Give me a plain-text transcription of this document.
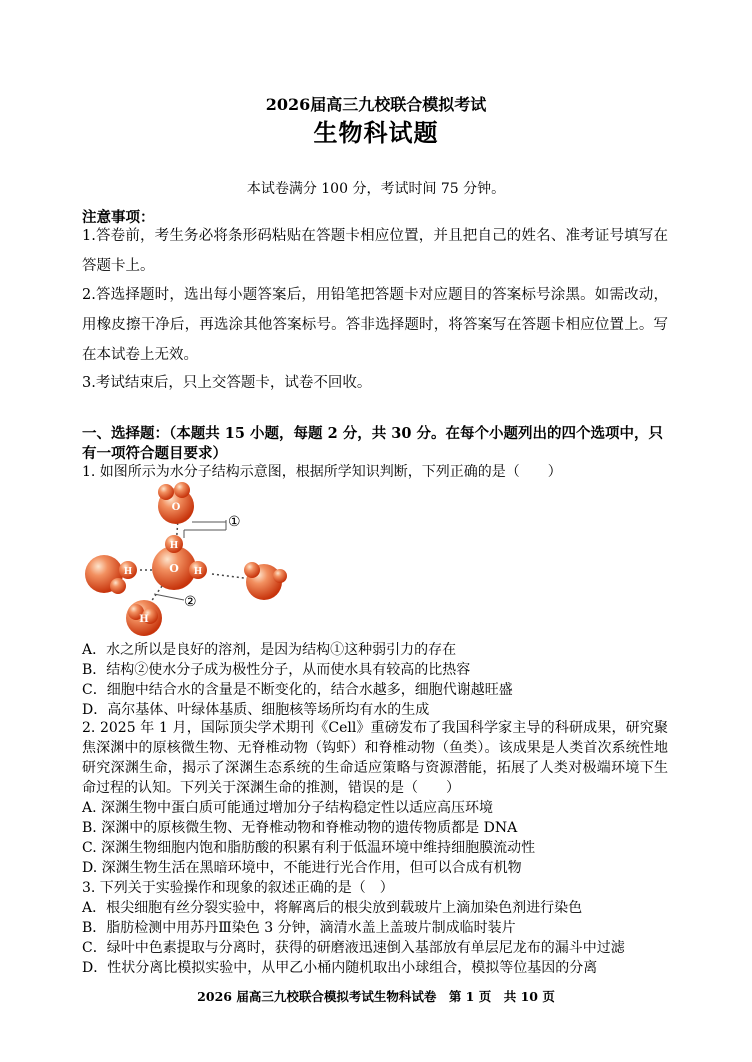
2026届高三九校联合模拟考试
生物科试题
本试卷满分 100 分，考试时间 75 分钟。
注意事项：
1.答卷前，考生务必将条形码粘贴在答题卡相应位置，并且把自己的姓名、准考证号填写在答题卡上。
2.答选择题时，选出每小题答案后，用铅笔把答题卡对应题目的答案标号涂黑。如需改动，用橡皮擦干净后，再选涂其他答案标号。答非选择题时，将答案写在答题卡相应位置上。写在本试卷上无效。
3.考试结束后，只上交答题卡，试卷不回收。
一、选择题：（本题共 15 小题，每题 2 分，共 30 分。在每个小题列出的四个选项中，只有一项符合题目要求）
1. 如图所示为水分子结构示意图，根据所学知识判断，下列正确的是（　　）
O
O
H
H
H
H
①
②
A．水之所以是良好的溶剂，是因为结构①这种弱引力的存在
B．结构②使水分子成为极性分子，从而使水具有较高的比热容
C．细胞中结合水的含量是不断变化的，结合水越多，细胞代谢越旺盛
D．高尔基体、叶绿体基质、细胞核等场所均有水的生成
2. 2025 年 1 月，国际顶尖学术期刊《Cell》重磅发布了我国科学家主导的科研成果，研究聚焦深渊中的原核微生物、无脊椎动物（钩虾）和脊椎动物（鱼类）。该成果是人类首次系统性地研究深渊生命，揭示了深渊生态系统的生命适应策略与资源潜能，拓展了人类对极端环境下生命过程的认知。下列关于深渊生命的推测，错误的是（　　）
A. 深渊生物中蛋白质可能通过增加分子结构稳定性以适应高压环境
B. 深渊中的原核微生物、无脊椎动物和脊椎动物的遗传物质都是 DNA
C. 深渊生物细胞内饱和脂肪酸的积累有利于低温环境中维持细胞膜流动性
D. 深渊生物生活在黑暗环境中，不能进行光合作用，但可以合成有机物
3. 下列关于实验操作和现象的叙述正确的是（　）
A．根尖细胞有丝分裂实验中，将解离后的根尖放到载玻片上滴加染色剂进行染色
B．脂肪检测中用苏丹Ⅲ染色 3 分钟，滴清水盖上盖玻片制成临时装片
C．绿叶中色素提取与分离时，获得的研磨液迅速倒入基部放有单层尼龙布的漏斗中过滤
D．性状分离比模拟实验中，从甲乙小桶内随机取出小球组合，模拟等位基因的分离
2026 届高三九校联合模拟考试生物科试卷　第 1 页　共 10 页
